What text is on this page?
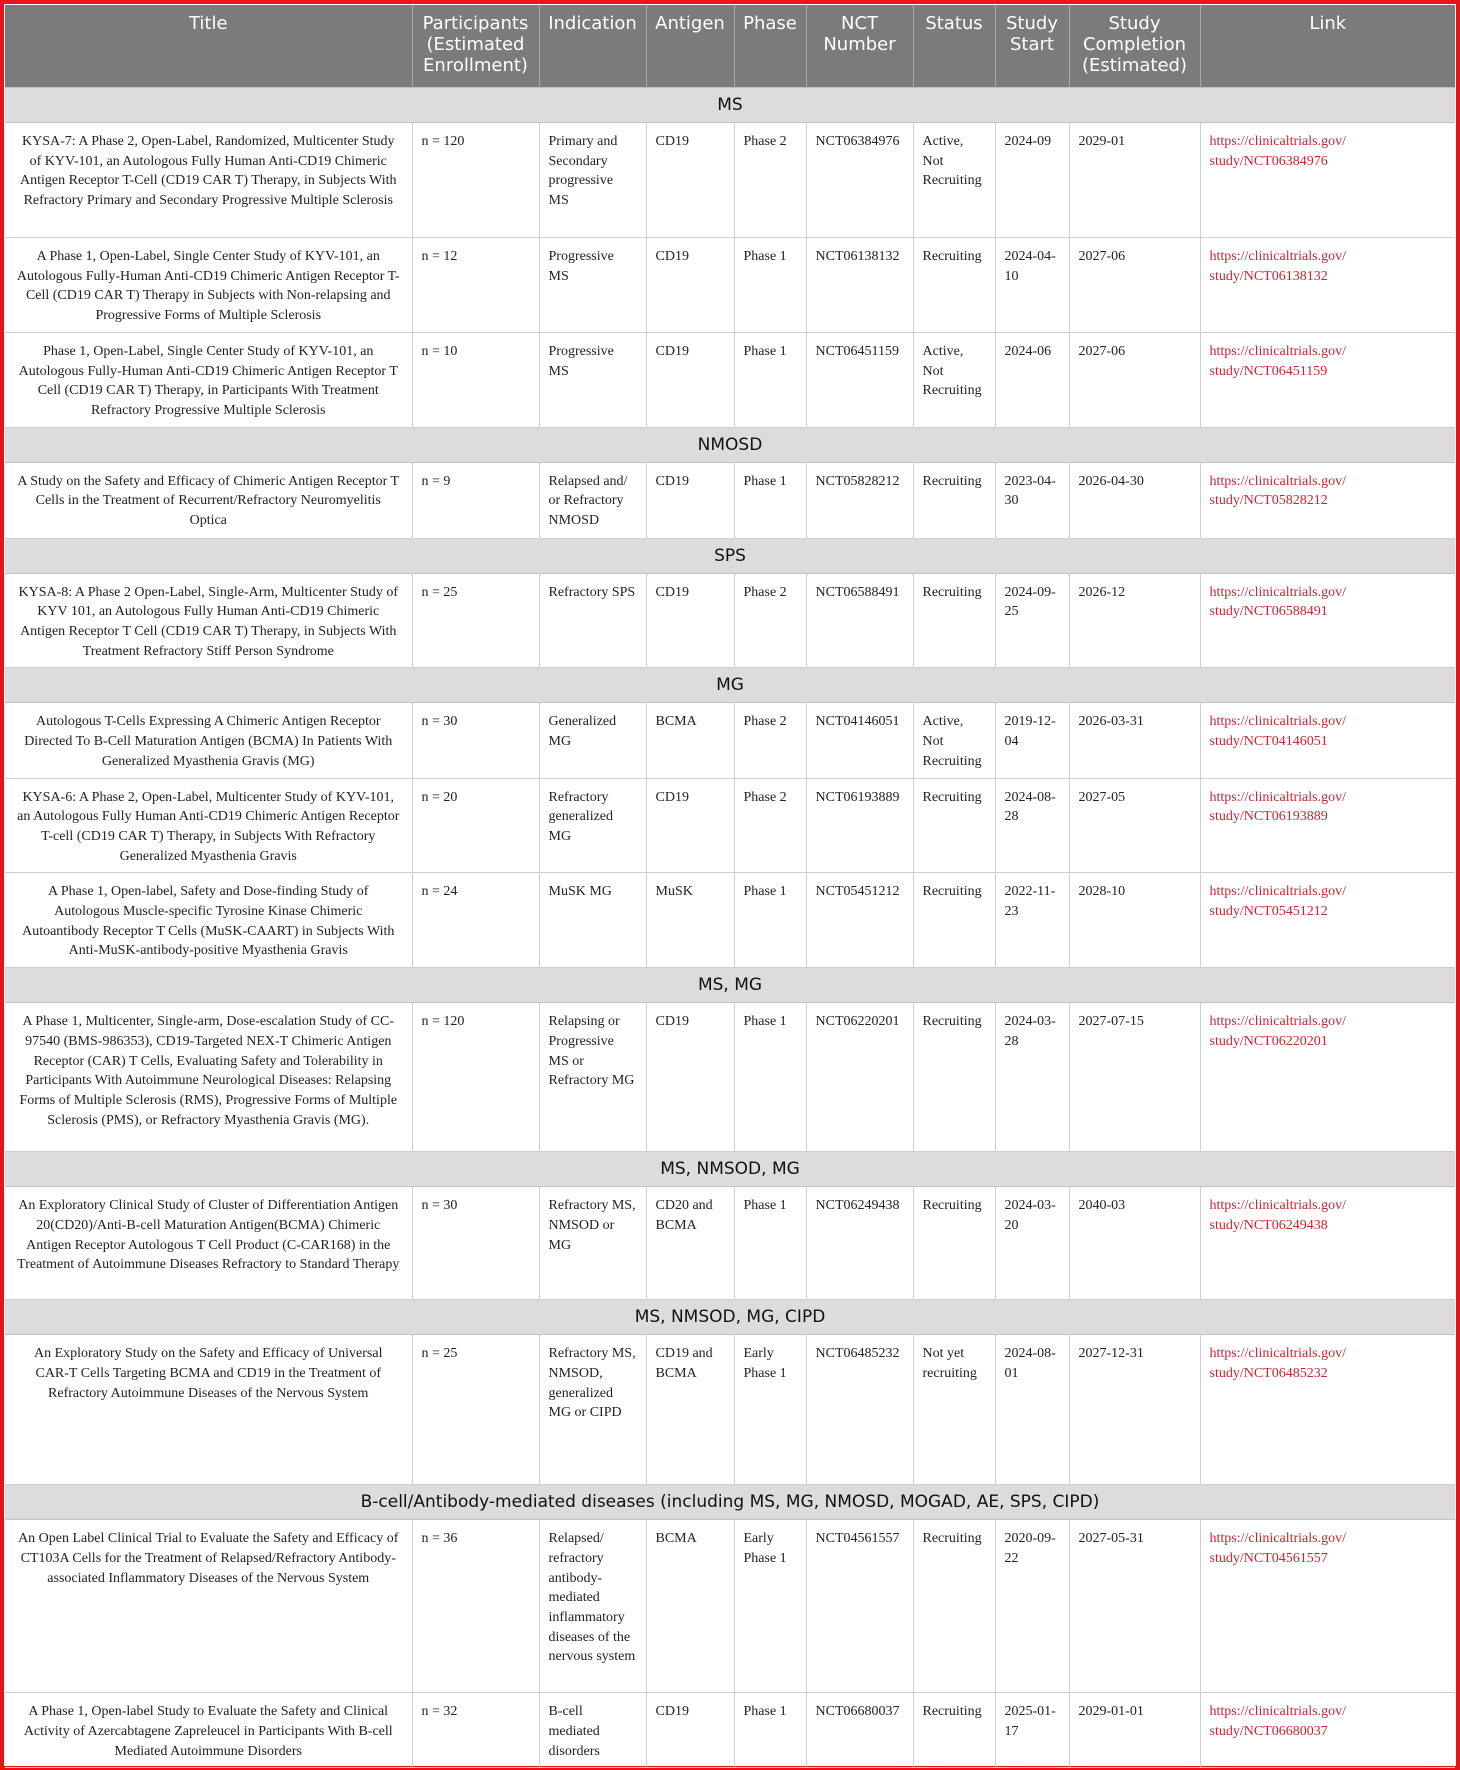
Title	Participants (Estimated Enrollment)	Indication	Antigen	Phase	NCT Number	Status	Study Start	Study Completion (Estimated)	Link
MS									
KYSA-7: A Phase 2, Open-Label, Randomized, Multicenter Study of KYV-101, an Autologous Fully Human Anti-CD19 Chimeric Antigen Receptor T-Cell (CD19 CAR T) Therapy, in Subjects With Refractory Primary and Secondary Progressive Multiple Sclerosis	n = 120	Primary and Secondary progressive MS	CD19	Phase 2	NCT06384976	Active, Not Recruiting	2024-09	2029-01	https://clinicaltrials.gov/
study/NCT06384976

A Phase 1, Open-Label, Single Center Study of KYV-101, an Autologous Fully-Human Anti-CD19 Chimeric Antigen Receptor T-Cell (CD19 CAR T) Therapy in Subjects with Non-relapsing and Progressive Forms of Multiple Sclerosis	n = 12	Progressive MS	CD19	Phase 1	NCT06138132	Recruiting	2024-04-10	2027-06	https://clinicaltrials.gov/
study/NCT06138132

Phase 1, Open-Label, Single Center Study of KYV-101, an Autologous Fully-Human Anti-CD19 Chimeric Antigen Receptor T Cell (CD19 CAR T) Therapy, in Participants With Treatment Refractory Progressive Multiple Sclerosis	n = 10	Progressive MS	CD19	Phase 1	NCT06451159	Active, Not Recruiting	2024-06	2027-06	https://clinicaltrials.gov/
study/NCT06451159

NMOSD									
A Study on the Safety and Efficacy of Chimeric Antigen Receptor T Cells in the Treatment of Recurrent/Refractory Neuromyelitis Optica	n = 9	Relapsed and/ or Refractory NMOSD	CD19	Phase 1	NCT05828212	Recruiting	2023-04-30	2026-04-30	https://clinicaltrials.gov/
study/NCT05828212

SPS									
KYSA-8: A Phase 2 Open-Label, Single-Arm, Multicenter Study of KYV 101, an Autologous Fully Human Anti-CD19 Chimeric Antigen Receptor T Cell (CD19 CAR T) Therapy, in Subjects With Treatment Refractory Stiff Person Syndrome	n = 25	Refractory SPS	CD19	Phase 2	NCT06588491	Recruiting	2024-09-25	2026-12	https://clinicaltrials.gov/
study/NCT06588491

MG									
Autologous T-Cells Expressing A Chimeric Antigen Receptor Directed To B-Cell Maturation Antigen (BCMA) In Patients With Generalized Myasthenia Gravis (MG)	n = 30	Generalized MG	BCMA	Phase 2	NCT04146051	Active, Not Recruiting	2019-12-04	2026-03-31	https://clinicaltrials.gov/
study/NCT04146051

KYSA-6: A Phase 2, Open-Label, Multicenter Study of KYV-101, an Autologous Fully Human Anti-CD19 Chimeric Antigen Receptor T-cell (CD19 CAR T) Therapy, in Subjects With Refractory Generalized Myasthenia Gravis	n = 20	Refractory generalized MG	CD19	Phase 2	NCT06193889	Recruiting	2024-08-28	2027-05	https://clinicaltrials.gov/
study/NCT06193889

A Phase 1, Open-label, Safety and Dose-finding Study of Autologous Muscle-specific Tyrosine Kinase Chimeric Autoantibody Receptor T Cells (MuSK-CAART) in Subjects With Anti-MuSK-antibody-positive Myasthenia Gravis	n = 24	MuSK MG	MuSK	Phase 1	NCT05451212	Recruiting	2022-11-23	2028-10	https://clinicaltrials.gov/
study/NCT05451212

MS, MG									
A Phase 1, Multicenter, Single-arm, Dose-escalation Study of CC-97540 (BMS-986353), CD19-Targeted NEX-T Chimeric Antigen Receptor (CAR) T Cells, Evaluating Safety and Tolerability in Participants With Autoimmune Neurological Diseases: Relapsing Forms of Multiple Sclerosis (RMS), Progressive Forms of Multiple Sclerosis (PMS), or Refractory Myasthenia Gravis (MG).	n = 120	Relapsing or Progressive MS or Refractory MG	CD19	Phase 1	NCT06220201	Recruiting	2024-03-28	2027-07-15	https://clinicaltrials.gov/
study/NCT06220201

MS, NMSOD, MG									
An Exploratory Clinical Study of Cluster of Differentiation Antigen 20(CD20)/Anti-B-cell Maturation Antigen(BCMA) Chimeric Antigen Receptor Autologous T Cell Product (C-CAR168) in the Treatment of Autoimmune Diseases Refractory to Standard Therapy	n = 30	Refractory MS, NMSOD or MG	CD20 and BCMA	Phase 1	NCT06249438	Recruiting	2024-03-20	2040-03	https://clinicaltrials.gov/
study/NCT06249438

MS, NMSOD, MG, CIPD									
An Exploratory Study on the Safety and Efficacy of Universal CAR-T Cells Targeting BCMA and CD19 in the Treatment of Refractory Autoimmune Diseases of the Nervous System	n = 25	Refractory MS, NMSOD, generalized MG or CIPD	CD19 and BCMA	Early Phase 1	NCT06485232	Not yet recruiting	2024-08-01	2027-12-31	https://clinicaltrials.gov/
study/NCT06485232

B-cell/Antibody-mediated diseases (including MS, MG, NMOSD, MOGAD, AE, SPS, CIPD)									
An Open Label Clinical Trial to Evaluate the Safety and Efficacy of CT103A Cells for the Treatment of Relapsed/Refractory Antibody-associated Inflammatory Diseases of the Nervous System	n = 36	Relapsed/ refractory antibody-mediated inflammatory diseases of the nervous system	BCMA	Early Phase 1	NCT04561557	Recruiting	2020-09-22	2027-05-31	https://clinicaltrials.gov/
study/NCT04561557

A Phase 1, Open-label Study to Evaluate the Safety and Clinical Activity of Azercabtagene Zapreleucel in Participants With B-cell Mediated Autoimmune Disorders	n = 32	B-cell mediated disorders	CD19	Phase 1	NCT06680037	Recruiting	2025-01-17	2029-01-01	https://clinicaltrials.gov/
study/NCT06680037
